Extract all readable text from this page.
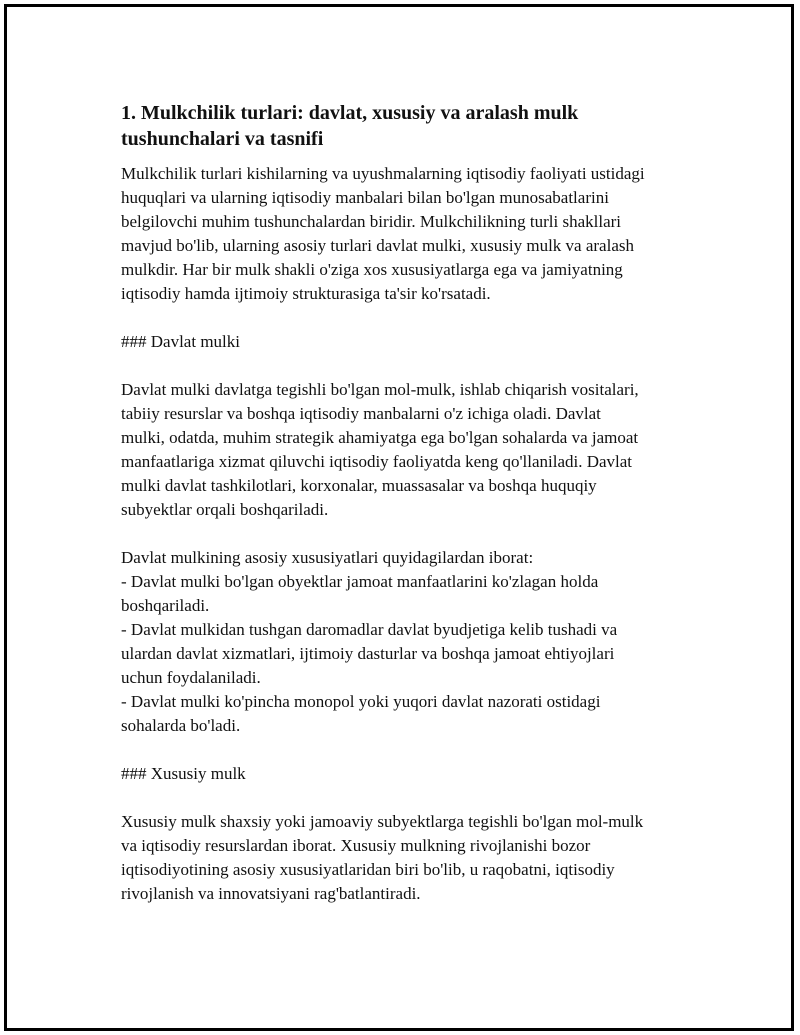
1. Mulkchilik turlari: davlat, xususiy va aralash mulk tushunchalari va tasnifi

Mulkchilik turlari kishilarning va uyushmalarning iqtisodiy faoliyati ustidagi
huquqlari va ularning iqtisodiy manbalari bilan bo'lgan munosabatlarini
belgilovchi muhim tushunchalardan biridir. Mulkchilikning turli shakllari
mavjud bo'lib, ularning asosiy turlari davlat mulki, xususiy mulk va aralash
mulkdir. Har bir mulk shakli o'ziga xos xususiyatlarga ega va jamiyatning
iqtisodiy hamda ijtimoiy strukturasiga ta'sir ko'rsatadi.

### Davlat mulki

Davlat mulki davlatga tegishli bo'lgan mol-mulk, ishlab chiqarish vositalari,
tabiiy resurslar va boshqa iqtisodiy manbalarni o'z ichiga oladi. Davlat
mulki, odatda, muhim strategik ahamiyatga ega bo'lgan sohalarda va jamoat
manfaatlariga xizmat qiluvchi iqtisodiy faoliyatda keng qo'llaniladi. Davlat
mulki davlat tashkilotlari, korxonalar, muassasalar va boshqa huquqiy
subyektlar orqali boshqariladi.

Davlat mulkining asosiy xususiyatlari quyidagilardan iborat:
- Davlat mulki bo'lgan obyektlar jamoat manfaatlarini ko'zlagan holda
boshqariladi.
- Davlat mulkidan tushgan daromadlar davlat byudjetiga kelib tushadi va
ulardan davlat xizmatlari, ijtimoiy dasturlar va boshqa jamoat ehtiyojlari
uchun foydalaniladi.
- Davlat mulki ko'pincha monopol yoki yuqori davlat nazorati ostidagi
sohalarda bo'ladi.

### Xususiy mulk

Xususiy mulk shaxsiy yoki jamoaviy subyektlarga tegishli bo'lgan mol-mulk
va iqtisodiy resurslardan iborat. Xususiy mulkning rivojlanishi bozor
iqtisodiyotining asosiy xususiyatlaridan biri bo'lib, u raqobatni, iqtisodiy
rivojlanish va innovatsiyani rag'batlantiradi.
